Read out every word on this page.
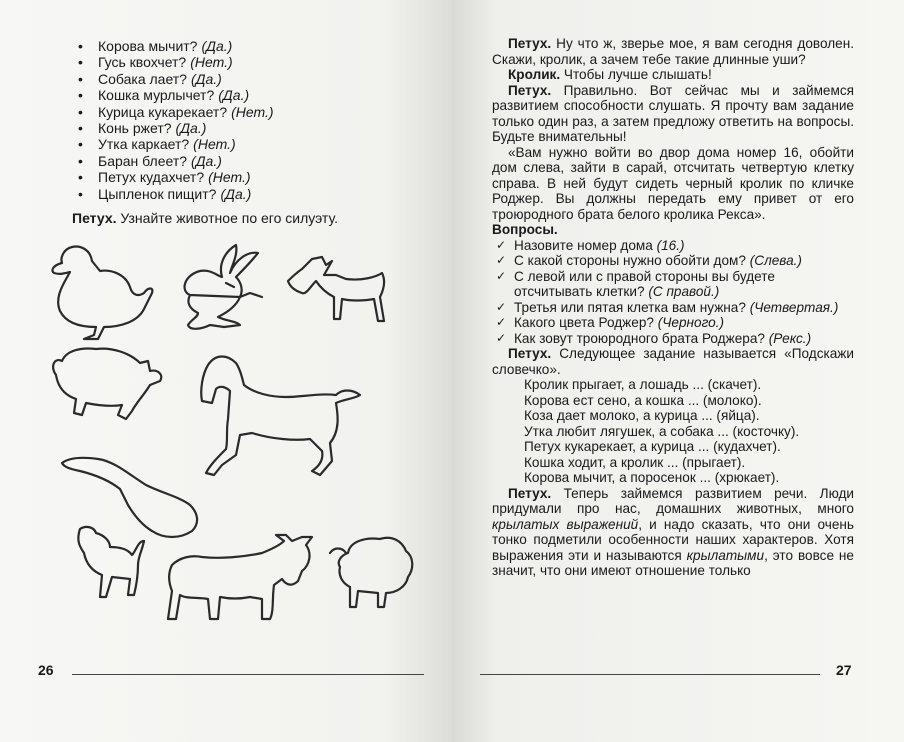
• Корова мычит? (Да.)
• Гусь квохчет? (Нет.)
• Собака лает? (Да.)
• Кошка мурлычет? (Да.)
• Курица кукарекает? (Нет.)
• Конь ржет? (Да.)
• Утка каркает? (Нет.)
• Баран блеет? (Да.)
• Петух кудахчет? (Нет.)
• Цыпленок пищит? (Да.)
Петух. Узнайте животное по его силуэту.
26

Петух. Ну что ж, зверье мое, я вам сегодня доволен. Скажи, кролик, а зачем тебе такие длинные уши?

Кролик. Чтобы лучше слышать!

Петух. Правильно. Вот сейчас мы и займемся развитием способности слушать. Я прочту вам задание только один раз, а затем предложу ответить на вопросы. Будьте внимательны!

«Вам нужно войти во двор дома номер 16, обойти дом слева, зайти в сарай, отсчитать четвертую клетку справа. В ней будут сидеть черный кролик по кличке Роджер. Вы должны передать ему привет от его троюродного брата белого кролика Рекса».

Вопросы.

✓ Назовите номер дома (16.)
✓ С какой стороны нужно обойти дом? (Слева.)
✓ С левой или с правой стороны вы будете отсчитывать клетки? (С правой.)
✓ Третья или пятая клетка вам нужна? (Четвертая.)
✓ Какого цвета Роджер? (Черного.)
✓ Как зовут троюродного брата Роджера? (Рекс.)

Петух. Следующее задание называется «Подскажи словечко».

Кролик прыгает, а лошадь ... (скачет).

Корова ест сено, а кошка ... (молоко).

Коза дает молоко, а курица ... (яйца).

Утка любит лягушек, а собака ... (косточку).

Петух кукарекает, а курица ... (кудахчет).

Кошка ходит, а кролик ... (прыгает).

Корова мычит, а поросенок ... (хрюкает).

Петух. Теперь займемся развитием речи. Люди придумали про нас, домашних животных, много крылатых выражений, и надо сказать, что они очень тонко подметили особенности наших характеров. Хотя выражения эти и называются крылатыми, это вовсе не значит, что они имеют отношение только

27
